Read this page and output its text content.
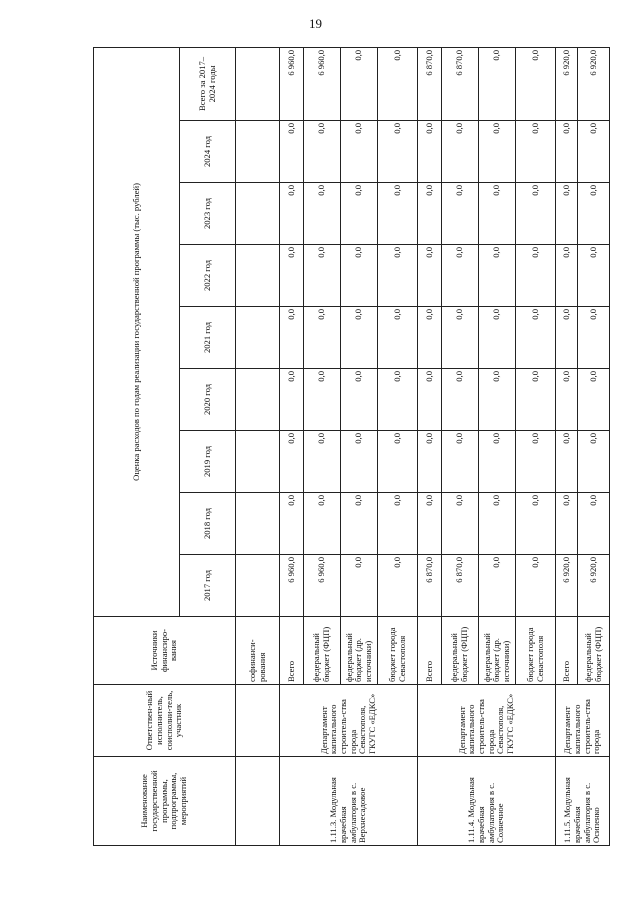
19
Наименование государственной программы, подпрограммы, мероприятий	Ответствен-ный исполнитель, соисполни-тель, участник	Источники финансиро-вания	Оценка расходов по годам реализации государственной программы (тыс. рублей)								
			2017 год	2018 год	2019 год	2020 год	2021 год	2022 год	2023 год	2024 год	Всего за 2017–2024 годы
		софинанси-рования									
1.11.3. Модульная врачебная амбулатория в с. Верхнесадовое	Департамент капитального строитель-ства города Севастополя, ГКУГС «ЕДКС»	Всего	6 960,0	0,0	0,0	0,0	0,0	0,0	0,0	0,0	6 960,0
		федеральный бюджет (ФЦП)	6 960,0	0,0	0,0	0,0	0,0	0,0	0,0	0,0	6 960,0
		федеральный бюджет (др. источники)	0,0	0,0	0,0	0,0	0,0	0,0	0,0	0,0	0,0
		бюджет города Севастополя	0,0	0,0	0,0	0,0	0,0	0,0	0,0	0,0	0,0
1.11.4. Модульная врачебная амбулатория в с. Солнечное	Департамент капитального строитель-ства города Севастополя, ГКУГС «ЕДКС»	Всего	6 870,0	0,0	0,0	0,0	0,0	0,0	0,0	0,0	6 870,0
		федеральный бюджет (ФЦП)	6 870,0	0,0	0,0	0,0	0,0	0,0	0,0	0,0	6 870,0
		федеральный бюджет (др. источники)	0,0	0,0	0,0	0,0	0,0	0,0	0,0	0,0	0,0
		бюджет города Севастополя	0,0	0,0	0,0	0,0	0,0	0,0	0,0	0,0	0,0
1.11.5. Модульная врачебная амбулатория в с. Осипенко	Департамент капитального строитель-ства города	Всего	6 920,0	0,0	0,0	0,0	0,0	0,0	0,0	0,0	6 920,0
		федеральный бюджет (ФЦП)	6 920,0	0,0	0,0	0,0	0,0	0,0	0,0	0,0	6 920,0
